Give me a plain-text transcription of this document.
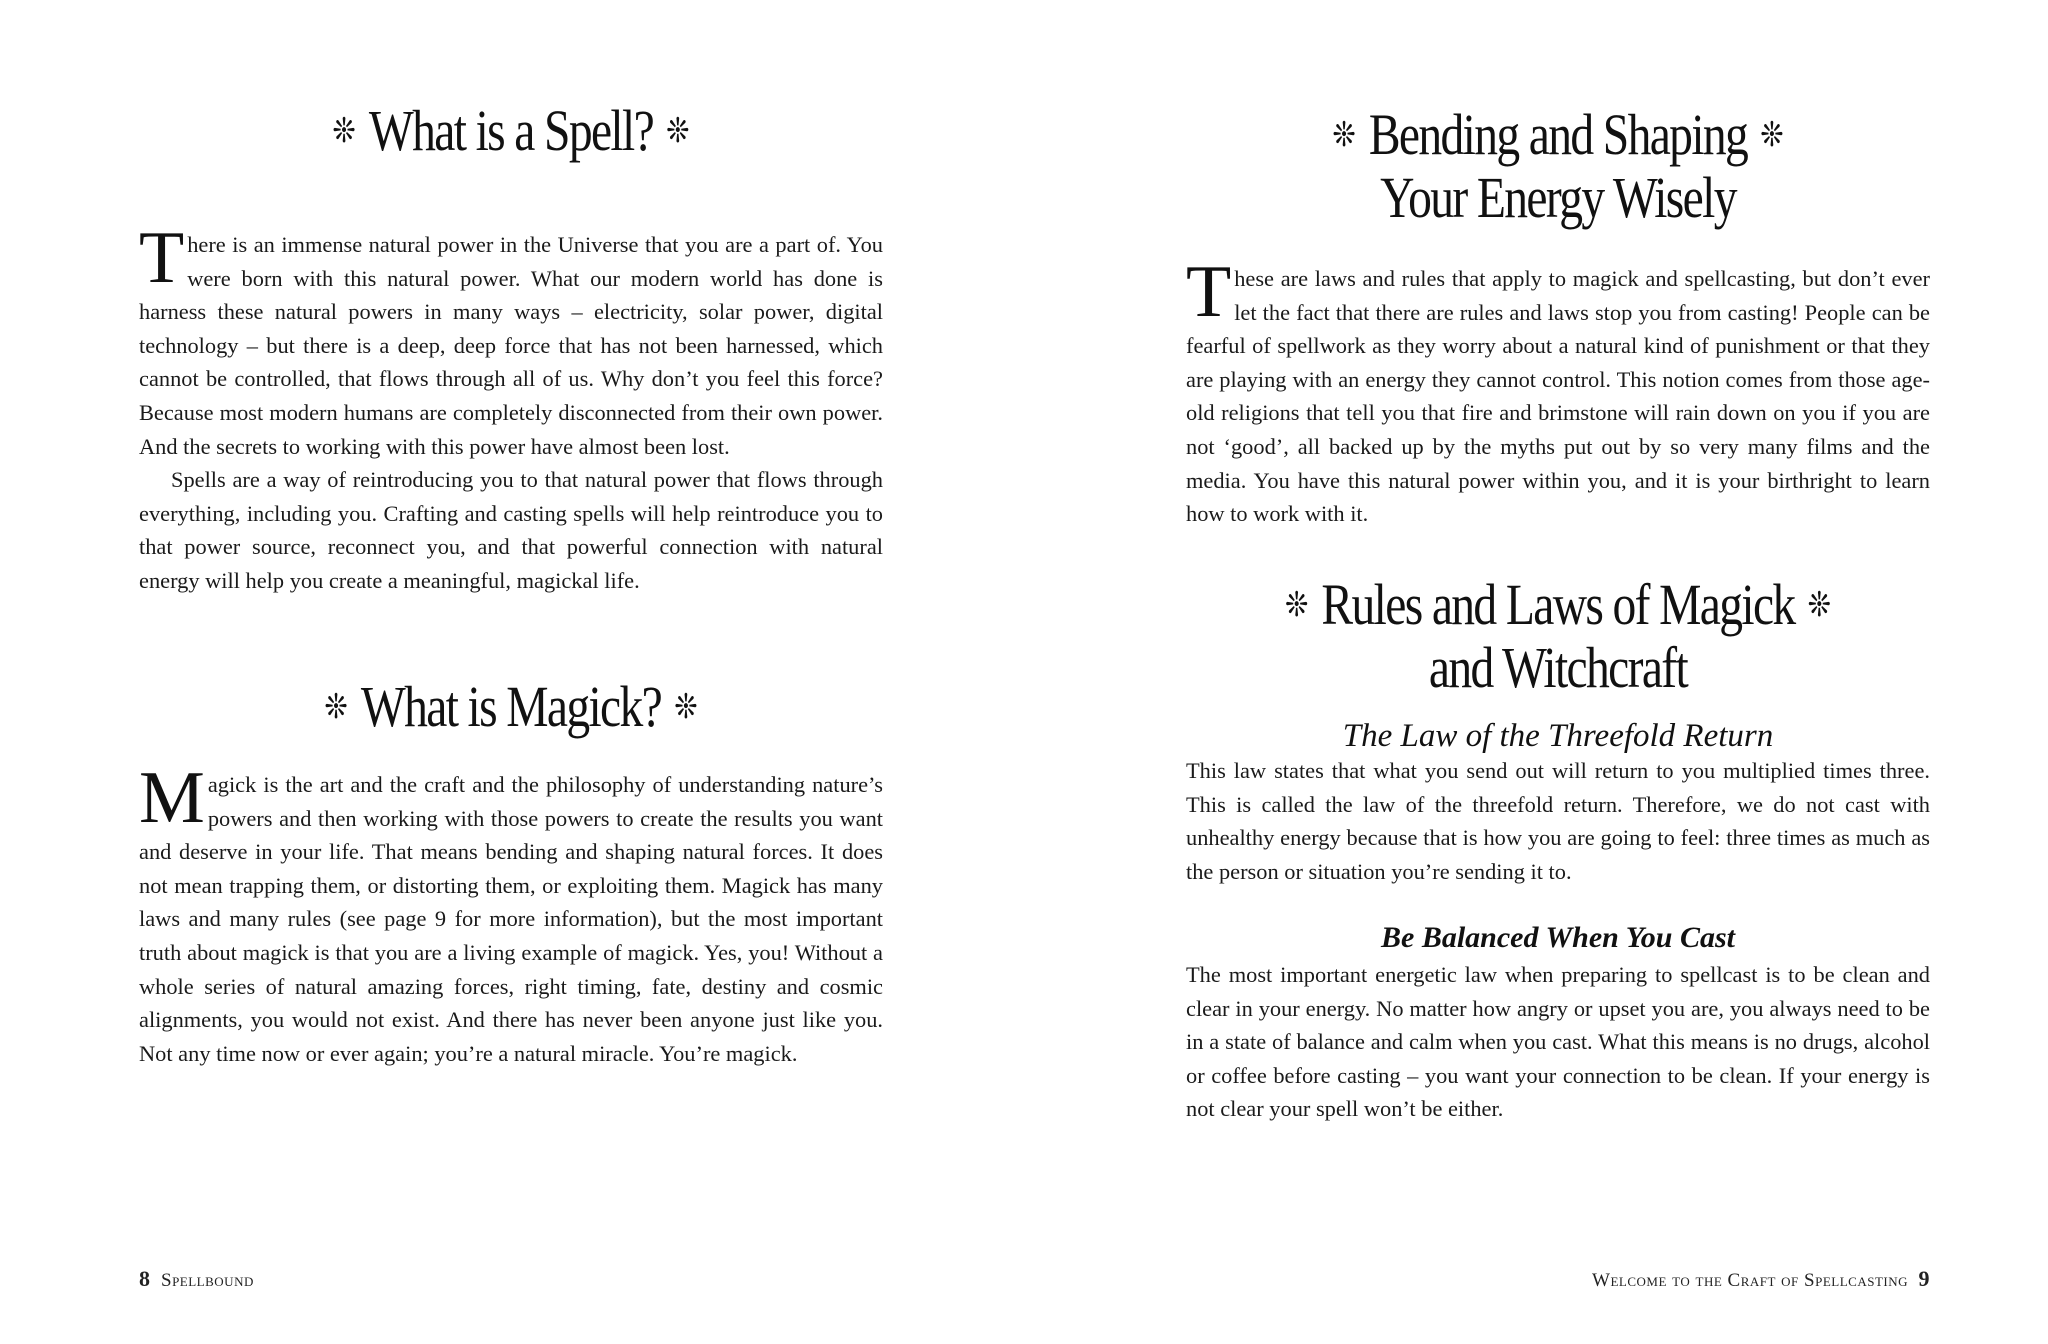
❊ What is a Spell? ❊

There is an immense natural power in the Universe that you are a part of. You were born with this natural power. What our modern world has done is harness these natural powers in many ways – electricity, solar power, digital technology – but there is a deep, deep force that has not been harnessed, which cannot be controlled, that flows through all of us. Why don’t you feel this force? Because most modern humans are completely disconnected from their own power. And the secrets to working with this power have almost been lost.

Spells are a way of reintroducing you to that natural power that flows through everything, including you. Crafting and casting spells will help reintroduce you to that power source, reconnect you, and that powerful connection with natural energy will help you create a meaningful, magickal life.

❊ What is Magick? ❊

Magick is the art and the craft and the philosophy of understanding nature’s powers and then working with those powers to create the results you want and deserve in your life. That means bending and shaping natural forces. It does not mean trapping them, or distorting them, or exploiting them. Magick has many laws and many rules (see page 9 for more information), but the most important truth about magick is that you are a living example of magick. Yes, you! Without a whole series of natural amazing forces, right timing, fate, destiny and cosmic alignments, you would not exist. And there has never been anyone just like you. Not any time now or ever again; you’re a natural miracle. You’re magick.

8 Spellbound
❊ Bending and Shaping ❊
Your Energy Wisely

These are laws and rules that apply to magick and spellcasting, but don’t ever let the fact that there are rules and laws stop you from casting! People can be fearful of spellwork as they worry about a natural kind of punishment or that they are playing with an energy they cannot control. This notion comes from those age-old religions that tell you that fire and brimstone will rain down on you if you are not ‘good’, all backed up by the myths put out by so very many films and the media. You have this natural power within you, and it is your birthright to learn how to work with it.

❊ Rules and Laws of Magick ❊
and Witchcraft
The Law of the Threefold Return

This law states that what you send out will return to you multiplied times three. This is called the law of the threefold return. Therefore, we do not cast with unhealthy energy because that is how you are going to feel: three times as much as the person or situation you’re sending it to.

Be Balanced When You Cast

The most important energetic law when preparing to spellcast is to be clean and clear in your energy. No matter how angry or upset you are, you always need to be in a state of balance and calm when you cast. What this means is no drugs, alcohol or coffee before casting – you want your connection to be clean. If your energy is not clear your spell won’t be either.

Welcome to the Craft of Spellcasting 9
